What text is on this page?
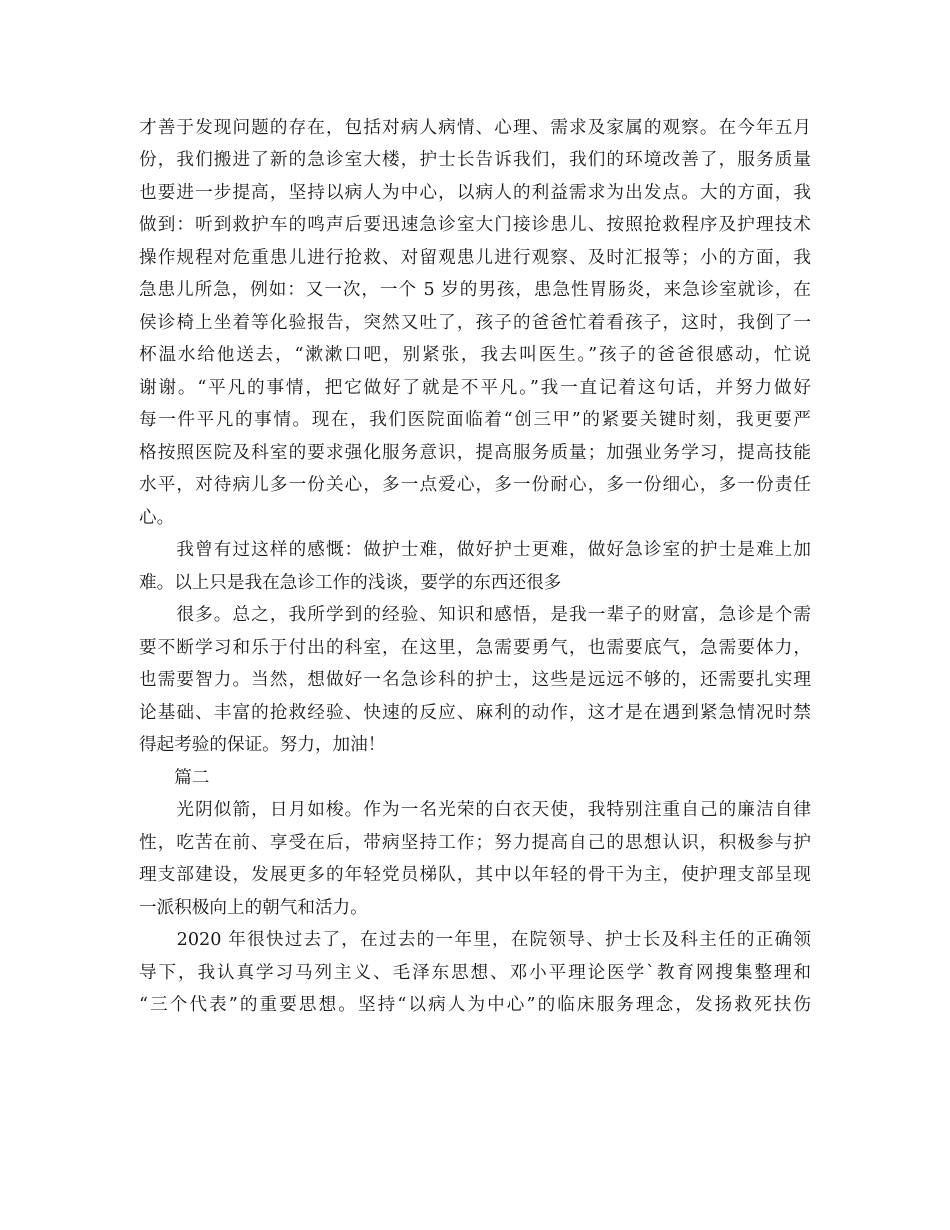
才善于发现问题的存在，包括对病人病情、心理、需求及家属的观察。在今年五月
份，我们搬进了新的急诊室大楼，护士长告诉我们，我们的环境改善了，服务质量
也要进一步提高，坚持以病人为中心，以病人的利益需求为出发点。大的方面，我
做到：听到救护车的鸣声后要迅速急诊室大门接诊患儿、按照抢救程序及护理技术
操作规程对危重患儿进行抢救、对留观患儿进行观察、及时汇报等；小的方面，我
急患儿所急，例如：又一次，一个 5 岁的男孩，患急性胃肠炎，来急诊室就诊，在
侯诊椅上坐着等化验报告，突然又吐了，孩子的爸爸忙着看孩子，这时，我倒了一
杯温水给他送去，“漱漱口吧，别紧张，我去叫医生。”孩子的爸爸很感动，忙说
谢谢。“平凡的事情，把它做好了就是不平凡。”我一直记着这句话，并努力做好
每一件平凡的事情。现在，我们医院面临着“创三甲”的紧要关键时刻，我更要严
格按照医院及科室的要求强化服务意识，提高服务质量；加强业务学习，提高技能
水平，对待病儿多一份关心，多一点爱心，多一份耐心，多一份细心，多一份责任
心。
　　我曾有过这样的感慨：做护士难，做好护士更难，做好急诊室的护士是难上加
难。以上只是我在急诊工作的浅谈，要学的东西还很多
　　很多。总之，我所学到的经验、知识和感悟，是我一辈子的财富，急诊是个需
要不断学习和乐于付出的科室，在这里，急需要勇气，也需要底气，急需要体力，
也需要智力。当然，想做好一名急诊科的护士，这些是远远不够的，还需要扎实理
论基础、丰富的抢救经验、快速的反应、麻利的动作，这才是在遇到紧急情况时禁
得起考验的保证。努力，加油！
　　篇二
　　光阴似箭，日月如梭。作为一名光荣的白衣天使，我特别注重自己的廉洁自律
性，吃苦在前、享受在后，带病坚持工作；努力提高自己的思想认识，积极参与护
理支部建设，发展更多的年轻党员梯队，其中以年轻的骨干为主，使护理支部呈现
一派积极向上的朝气和活力。
　　2020 年很快过去了，在过去的一年里，在院领导、护士长及科主任的正确领
导下，我认真学习马列主义、毛泽东思想、邓小平理论医学`教育网搜集整理和
“三个代表”的重要思想。坚持“以病人为中心”的临床服务理念，发扬救死扶伤
